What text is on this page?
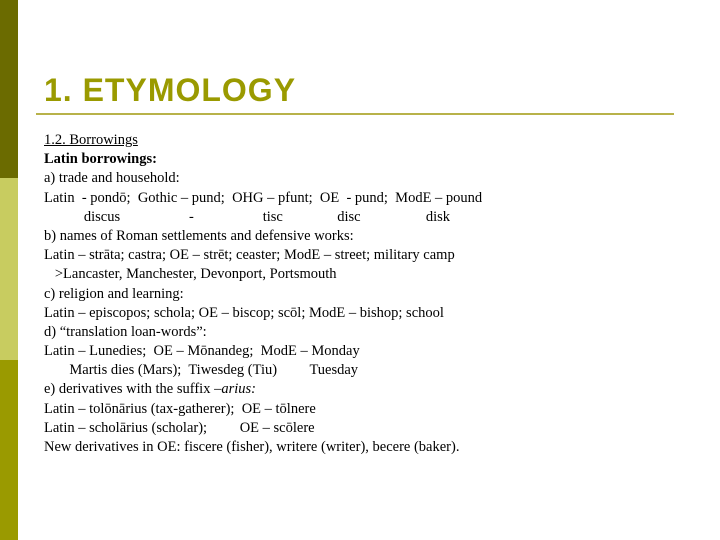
1. ETYMOLOGY
1.2. Borrowings
Latin borrowings:
a) trade and household:
Latin  - pondō;  Gothic – pund;  OHG – pfunt;  OE  - pund;  ModE – pound
discus                   -                   tisc               disc                  disk
b) names of Roman settlements and defensive works:
Latin – strāta; castra; OE – strēt; ceaster; ModE – street; military camp
>Lancaster, Manchester, Devonport, Portsmouth
c) religion and learning:
Latin – episcopos; schola; OE – biscop; scōl; ModE – bishop; school
d) “translation loan-words”:
Latin – Lunedies;  OE – Mōnandeg;  ModE – Monday
Martis dies (Mars);  Tiwesdeg (Tiu)         Tuesday
e) derivatives with the suffix –arius:
Latin – tolōnārius (tax-gatherer);  OE – tōlnere
Latin – scholārius (scholar);         OE – scōlere
New derivatives in OE: fiscere (fisher), writere (writer), becere (baker).
